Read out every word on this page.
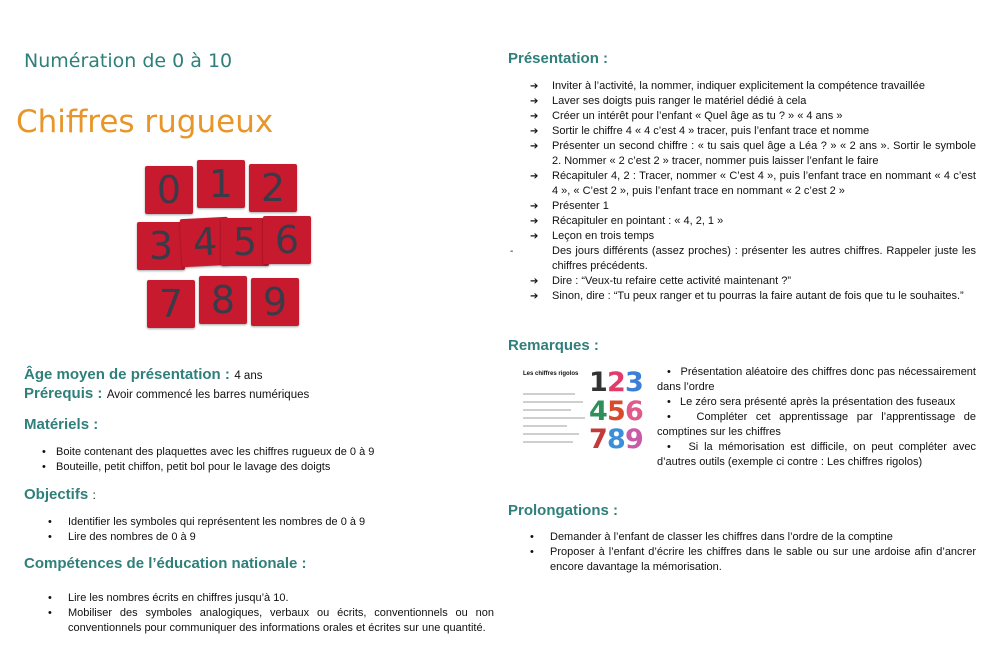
Numération de 0 à 10
Chiffres rugueux
0 1 2
3 4 5 6
7 8 9
Âge moyen de présentation : 4 ans
Prérequis : Avoir commencé les barres numériques
Matériels :
• Boite contenant des plaquettes avec les chiffres rugueux de 0 à 9
• Bouteille, petit chiffon, petit bol pour le lavage des doigts
Objectifs :
• Identifier les symboles qui représentent les nombres de 0 à 9
• Lire des nombres de 0 à 9
Compétences de l’éducation nationale :
• Lire les nombres écrits en chiffres jusqu’à 10.
• Mobiliser des symboles analogiques, verbaux ou écrits, conventionnels ou non conventionnels pour communiquer des informations orales et écrites sur une quantité.
Présentation :
➔ Inviter à l’activité, la nommer, indiquer explicitement la compétence travaillée
➔ Laver ses doigts puis ranger le matériel dédié à cela
➔ Créer un intérêt pour l’enfant « Quel âge as tu ? » « 4 ans »
➔ Sortir le chiffre 4 « 4 c’est 4 » tracer, puis l’enfant trace et nomme
➔ Présenter un second chiffre : « tu sais quel âge a Léa ? » « 2 ans ». Sortir le symbole 2. Nommer « 2 c’est 2 » tracer, nommer puis laisser l’enfant le faire
➔ Récapituler 4, 2 : Tracer, nommer « C’est 4 », puis l’enfant trace en nommant « 4 c’est 4 », « C’est 2 », puis l’enfant trace en nommant « 2 c’est 2 »
➔ Présenter 1
➔ Récapituler en pointant : « 4, 2, 1 »
➔ Leçon en trois temps
- Des jours différents (assez proches) : présenter les autres chiffres. Rappeler juste les chiffres précédents.
➔ Dire : “Veux-tu refaire cette activité maintenant ?”
➔ Sinon, dire : “Tu peux ranger et tu pourras la faire autant de fois que tu le souhaites.”
Remarques :
Les chiffres rigolos 1 2 3
4 5 6
7 8 9
•   Présentation aléatoire des chiffres donc pas nécessairement dans l’ordre
•   Le zéro sera présenté après la présentation des fuseaux
•   Compléter cet apprentissage par l’apprentissage de comptines sur les chiffres
•   Si la mémorisation est difficile, on peut compléter avec d’autres outils (exemple ci contre : Les chiffres rigolos)
Prolongations :
• Demander à l’enfant de classer les chiffres dans l’ordre de la comptine
• Proposer à l’enfant d’écrire les chiffres dans le sable ou sur une ardoise afin d’ancrer encore davantage la mémorisation.
